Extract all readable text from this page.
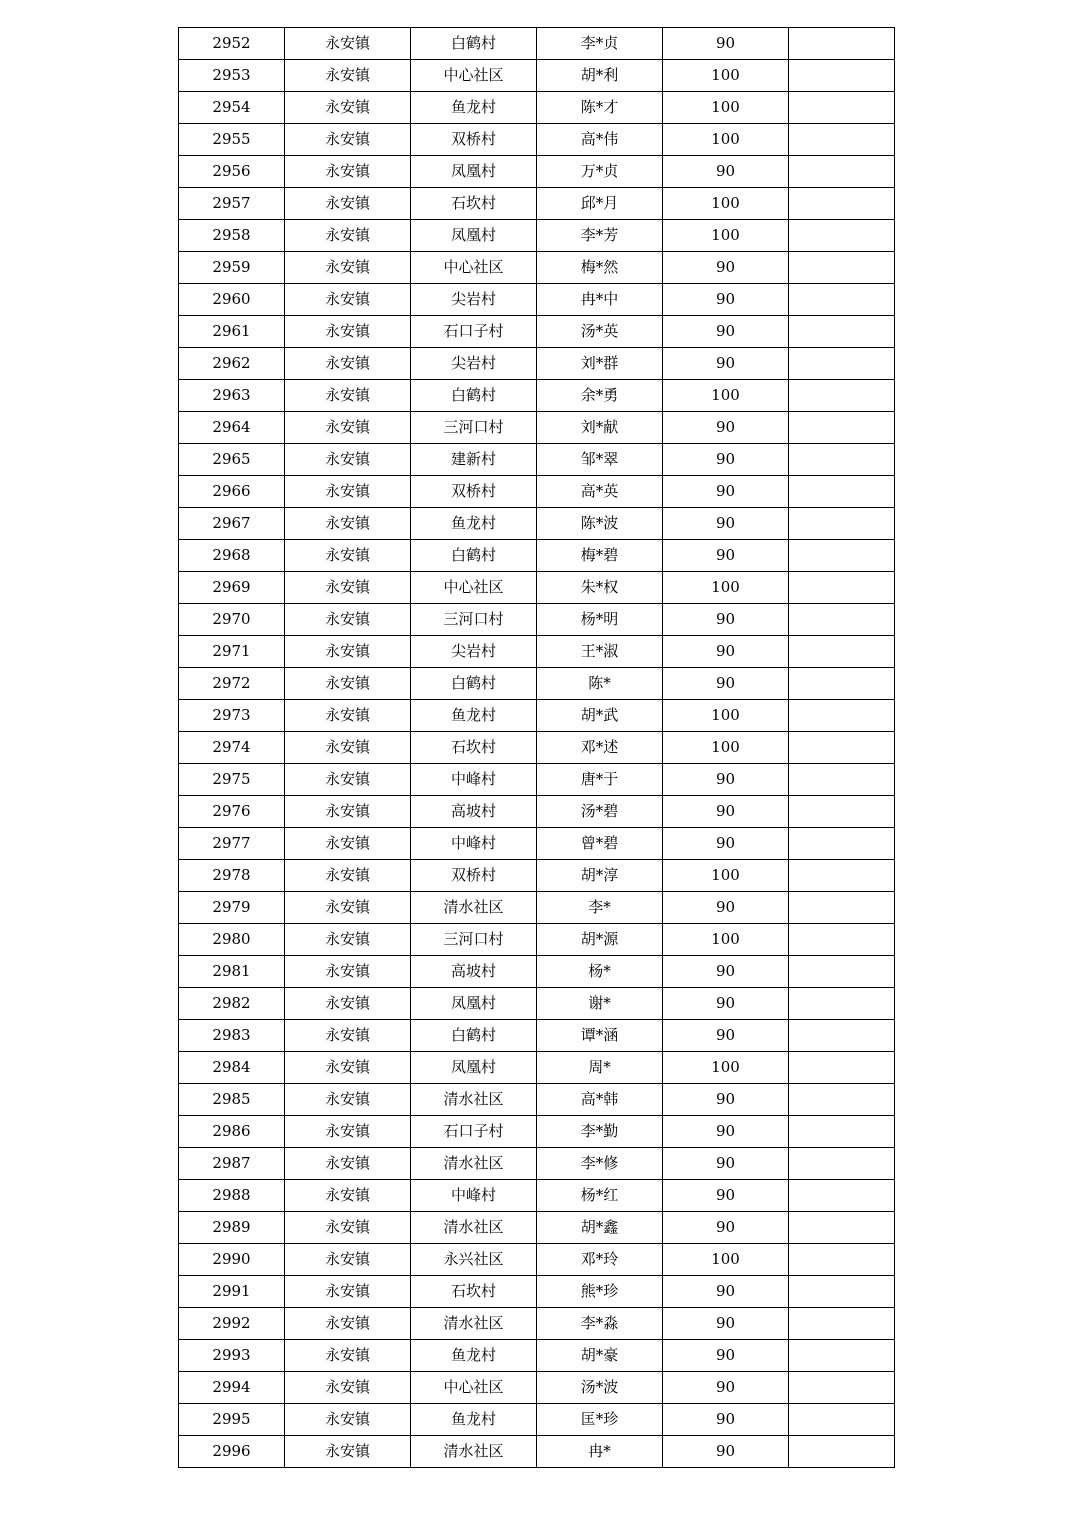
2952	永安镇	白鹤村	李*贞	90	
2953	永安镇	中心社区	胡*利	100	
2954	永安镇	鱼龙村	陈*才	100	
2955	永安镇	双桥村	高*伟	100	
2956	永安镇	凤凰村	万*贞	90	
2957	永安镇	石坎村	邱*月	100	
2958	永安镇	凤凰村	李*芳	100	
2959	永安镇	中心社区	梅*然	90	
2960	永安镇	尖岩村	冉*中	90	
2961	永安镇	石口子村	汤*英	90	
2962	永安镇	尖岩村	刘*群	90	
2963	永安镇	白鹤村	余*勇	100	
2964	永安镇	三河口村	刘*献	90	
2965	永安镇	建新村	邹*翠	90	
2966	永安镇	双桥村	高*英	90	
2967	永安镇	鱼龙村	陈*波	90	
2968	永安镇	白鹤村	梅*碧	90	
2969	永安镇	中心社区	朱*权	100	
2970	永安镇	三河口村	杨*明	90	
2971	永安镇	尖岩村	王*淑	90	
2972	永安镇	白鹤村	陈*	90	
2973	永安镇	鱼龙村	胡*武	100	
2974	永安镇	石坎村	邓*述	100	
2975	永安镇	中峰村	唐*于	90	
2976	永安镇	高坡村	汤*碧	90	
2977	永安镇	中峰村	曾*碧	90	
2978	永安镇	双桥村	胡*淳	100	
2979	永安镇	清水社区	李*	90	
2980	永安镇	三河口村	胡*源	100	
2981	永安镇	高坡村	杨*	90	
2982	永安镇	凤凰村	谢*	90	
2983	永安镇	白鹤村	谭*涵	90	
2984	永安镇	凤凰村	周*	100	
2985	永安镇	清水社区	高*韩	90	
2986	永安镇	石口子村	李*勤	90	
2987	永安镇	清水社区	李*修	90	
2988	永安镇	中峰村	杨*红	90	
2989	永安镇	清水社区	胡*鑫	90	
2990	永安镇	永兴社区	邓*玲	100	
2991	永安镇	石坎村	熊*珍	90	
2992	永安镇	清水社区	李*淼	90	
2993	永安镇	鱼龙村	胡*豪	90	
2994	永安镇	中心社区	汤*波	90	
2995	永安镇	鱼龙村	匡*珍	90	
2996	永安镇	清水社区	冉*	90	
